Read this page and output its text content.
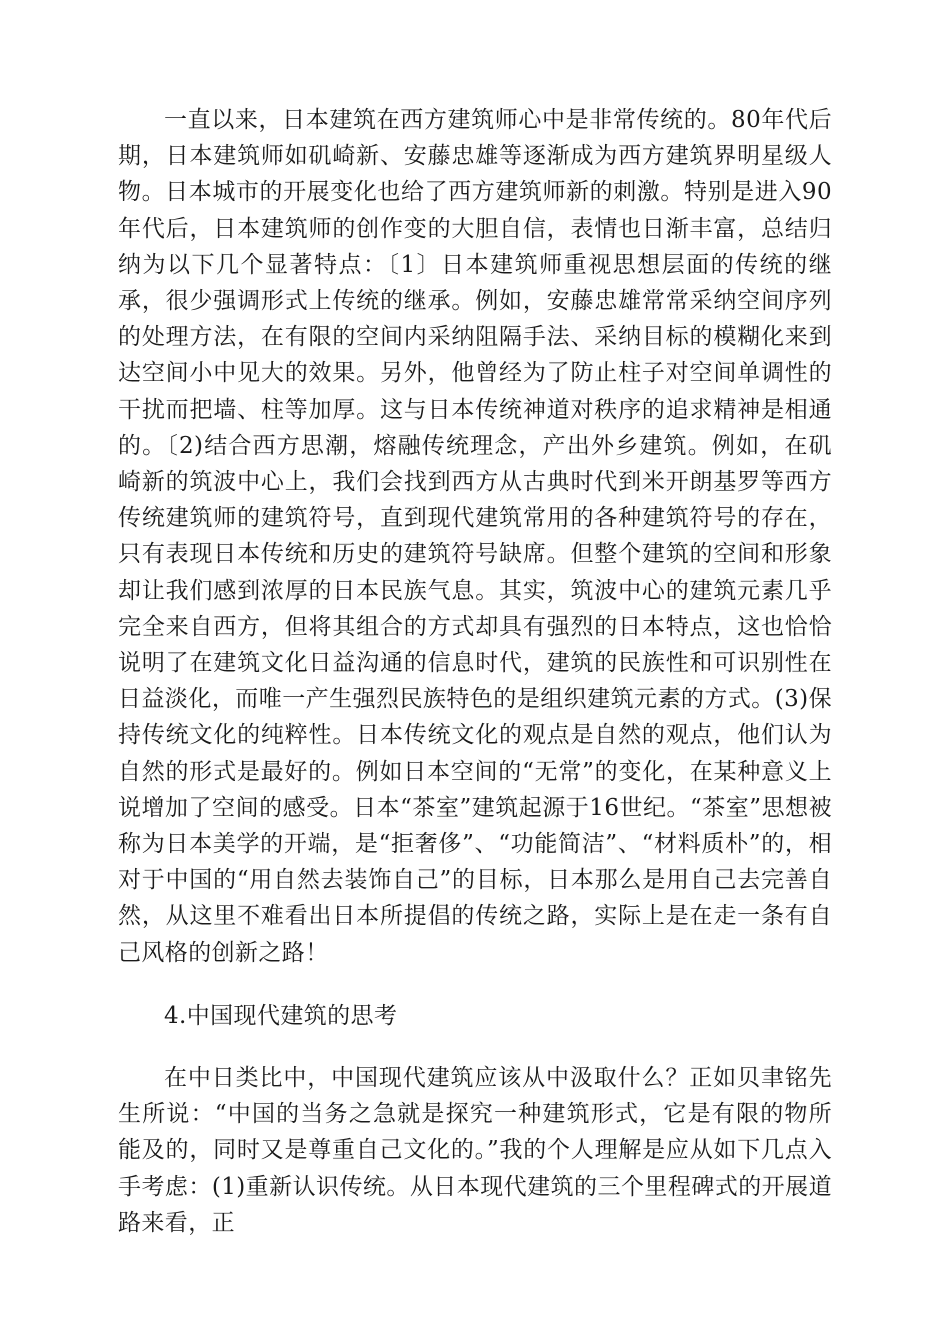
一直以来，日本建筑在西方建筑师心中是非常传统的。80年代后期，日本建筑师如矶崎新、安藤忠雄等逐渐成为西方建筑界明星级人物。日本城市的开展变化也给了西方建筑师新的刺激。特别是进入90年代后，日本建筑师的创作变的大胆自信，表情也日渐丰富，总结归纳为以下几个显著特点：〔1〕日本建筑师重视思想层面的传统的继承，很少强调形式上传统的继承。例如，安藤忠雄常常采纳空间序列的处理方法，在有限的空间内采纳阻隔手法、采纳目标的模糊化来到达空间小中见大的效果。另外，他曾经为了防止柱子对空间单调性的干扰而把墙、柱等加厚。这与日本传统神道对秩序的追求精神是相通的。〔2)结合西方思潮，熔融传统理念，产出外乡建筑。例如，在矶崎新的筑波中心上，我们会找到西方从古典时代到米开朗基罗等西方传统建筑师的建筑符号，直到现代建筑常用的各种建筑符号的存在，只有表现日本传统和历史的建筑符号缺席。但整个建筑的空间和形象却让我们感到浓厚的日本民族气息。其实，筑波中心的建筑元素几乎完全来自西方，但将其组合的方式却具有强烈的日本特点，这也恰恰说明了在建筑文化日益沟通的信息时代，建筑的民族性和可识别性在日益淡化，而唯一产生强烈民族特色的是组织建筑元素的方式。(3)保持传统文化的纯粹性。日本传统文化的观点是自然的观点，他们认为自然的形式是最好的。例如日本空间的“无常”的变化，在某种意义上说增加了空间的感受。日本“茶室”建筑起源于16世纪。“茶室”思想被称为日本美学的开端，是“拒奢侈”、“功能简洁”、“材料质朴”的，相对于中国的“用自然去装饰自己”的目标，日本那么是用自己去完善自然，从这里不难看出日本所提倡的传统之路，实际上是在走一条有自己风格的创新之路！

4.中国现代建筑的思考

在中日类比中，中国现代建筑应该从中汲取什么？正如贝聿铭先生所说：“中国的当务之急就是探究一种建筑形式，它是有限的物所能及的，同时又是尊重自己文化的。”我的个人理解是应从如下几点入手考虑：(1)重新认识传统。从日本现代建筑的三个里程碑式的开展道路来看，正
